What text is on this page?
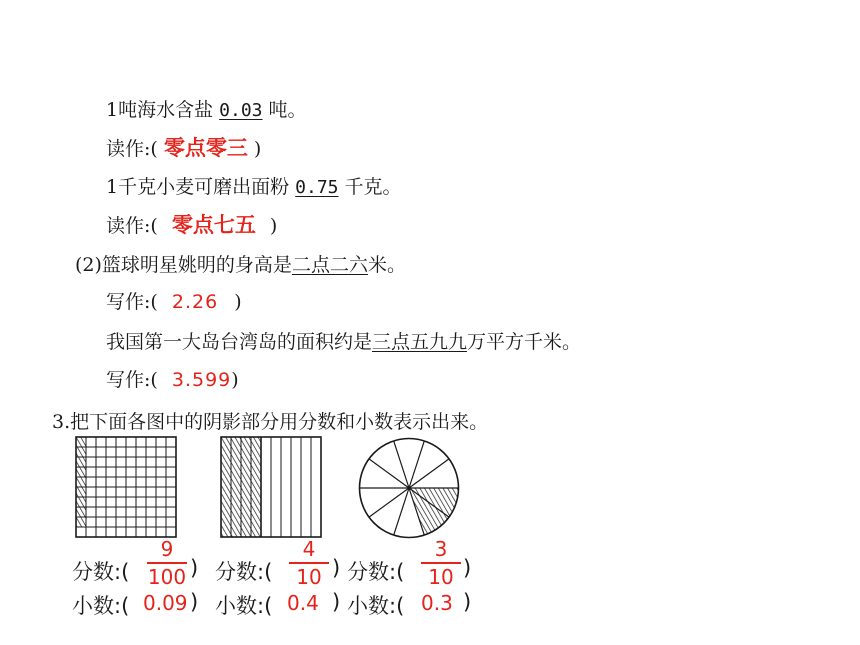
1吨海水含盐 0.03 吨。
读作:( 零点零三 )
1千克小麦可磨出面粉 0.75 千克。
读作:( 零点七五 )
(2)篮球明星姚明的身高是二点二六米。
写作:( 2.26 )
我国第一大岛台湾岛的面积约是三点五九九万平方千米。
写作:( 3.599)
3.把下面各图中的阴影部分用分数和小数表示出来。
分数:(
9
100 ) 分数:(
4
10 ) 分数:(
3
10 )
小数:( 0.09 ) 小数:( 0.4 ) 小数:( 0.3 )
